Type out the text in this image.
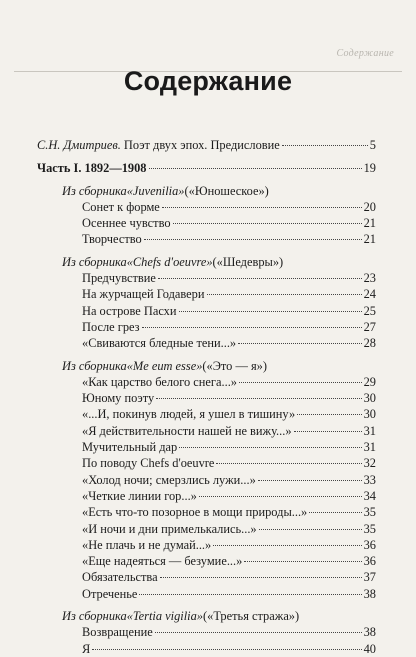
Содержание
Содержание
С.Н. Дмитриев. Поэт двух эпох. Предисловие	5
Часть I. 1892—1908	19
Из сборника «Juvenilia» («Юношеское»)
Сонет к форме	20
Осеннее чувство	21
Творчество	21
Из сборника «Chefs d'oeuvre» («Шедевры»)
Предчувствие	23
На журчащей Годавери	24
На острове Пасхи	25
После грез	27
«Свиваются бледные тени...»	28
Из сборника «Me eum esse» («Это — я»)
«Как царство белого снега...»	29
Юному поэту	30
«...И, покинув людей, я ушел в тишину»	30
«Я действительности нашей не вижу...»	31
Мучительный дар	31
По поводу Chefs d'oeuvre	32
«Холод ночи; смерзлись лужи...»	33
«Четкие линии гор...»	34
«Есть что-то позорное в мощи природы...»	35
«И ночи и дни примелькались...»	35
«Не плачь и не думай...»	36
«Еще надеяться — безумие...»	36
Обязательства	37
Отреченье	38
Из сборника «Tertia vigilia» («Третья стража»)
Возвращение	38
Я	40
